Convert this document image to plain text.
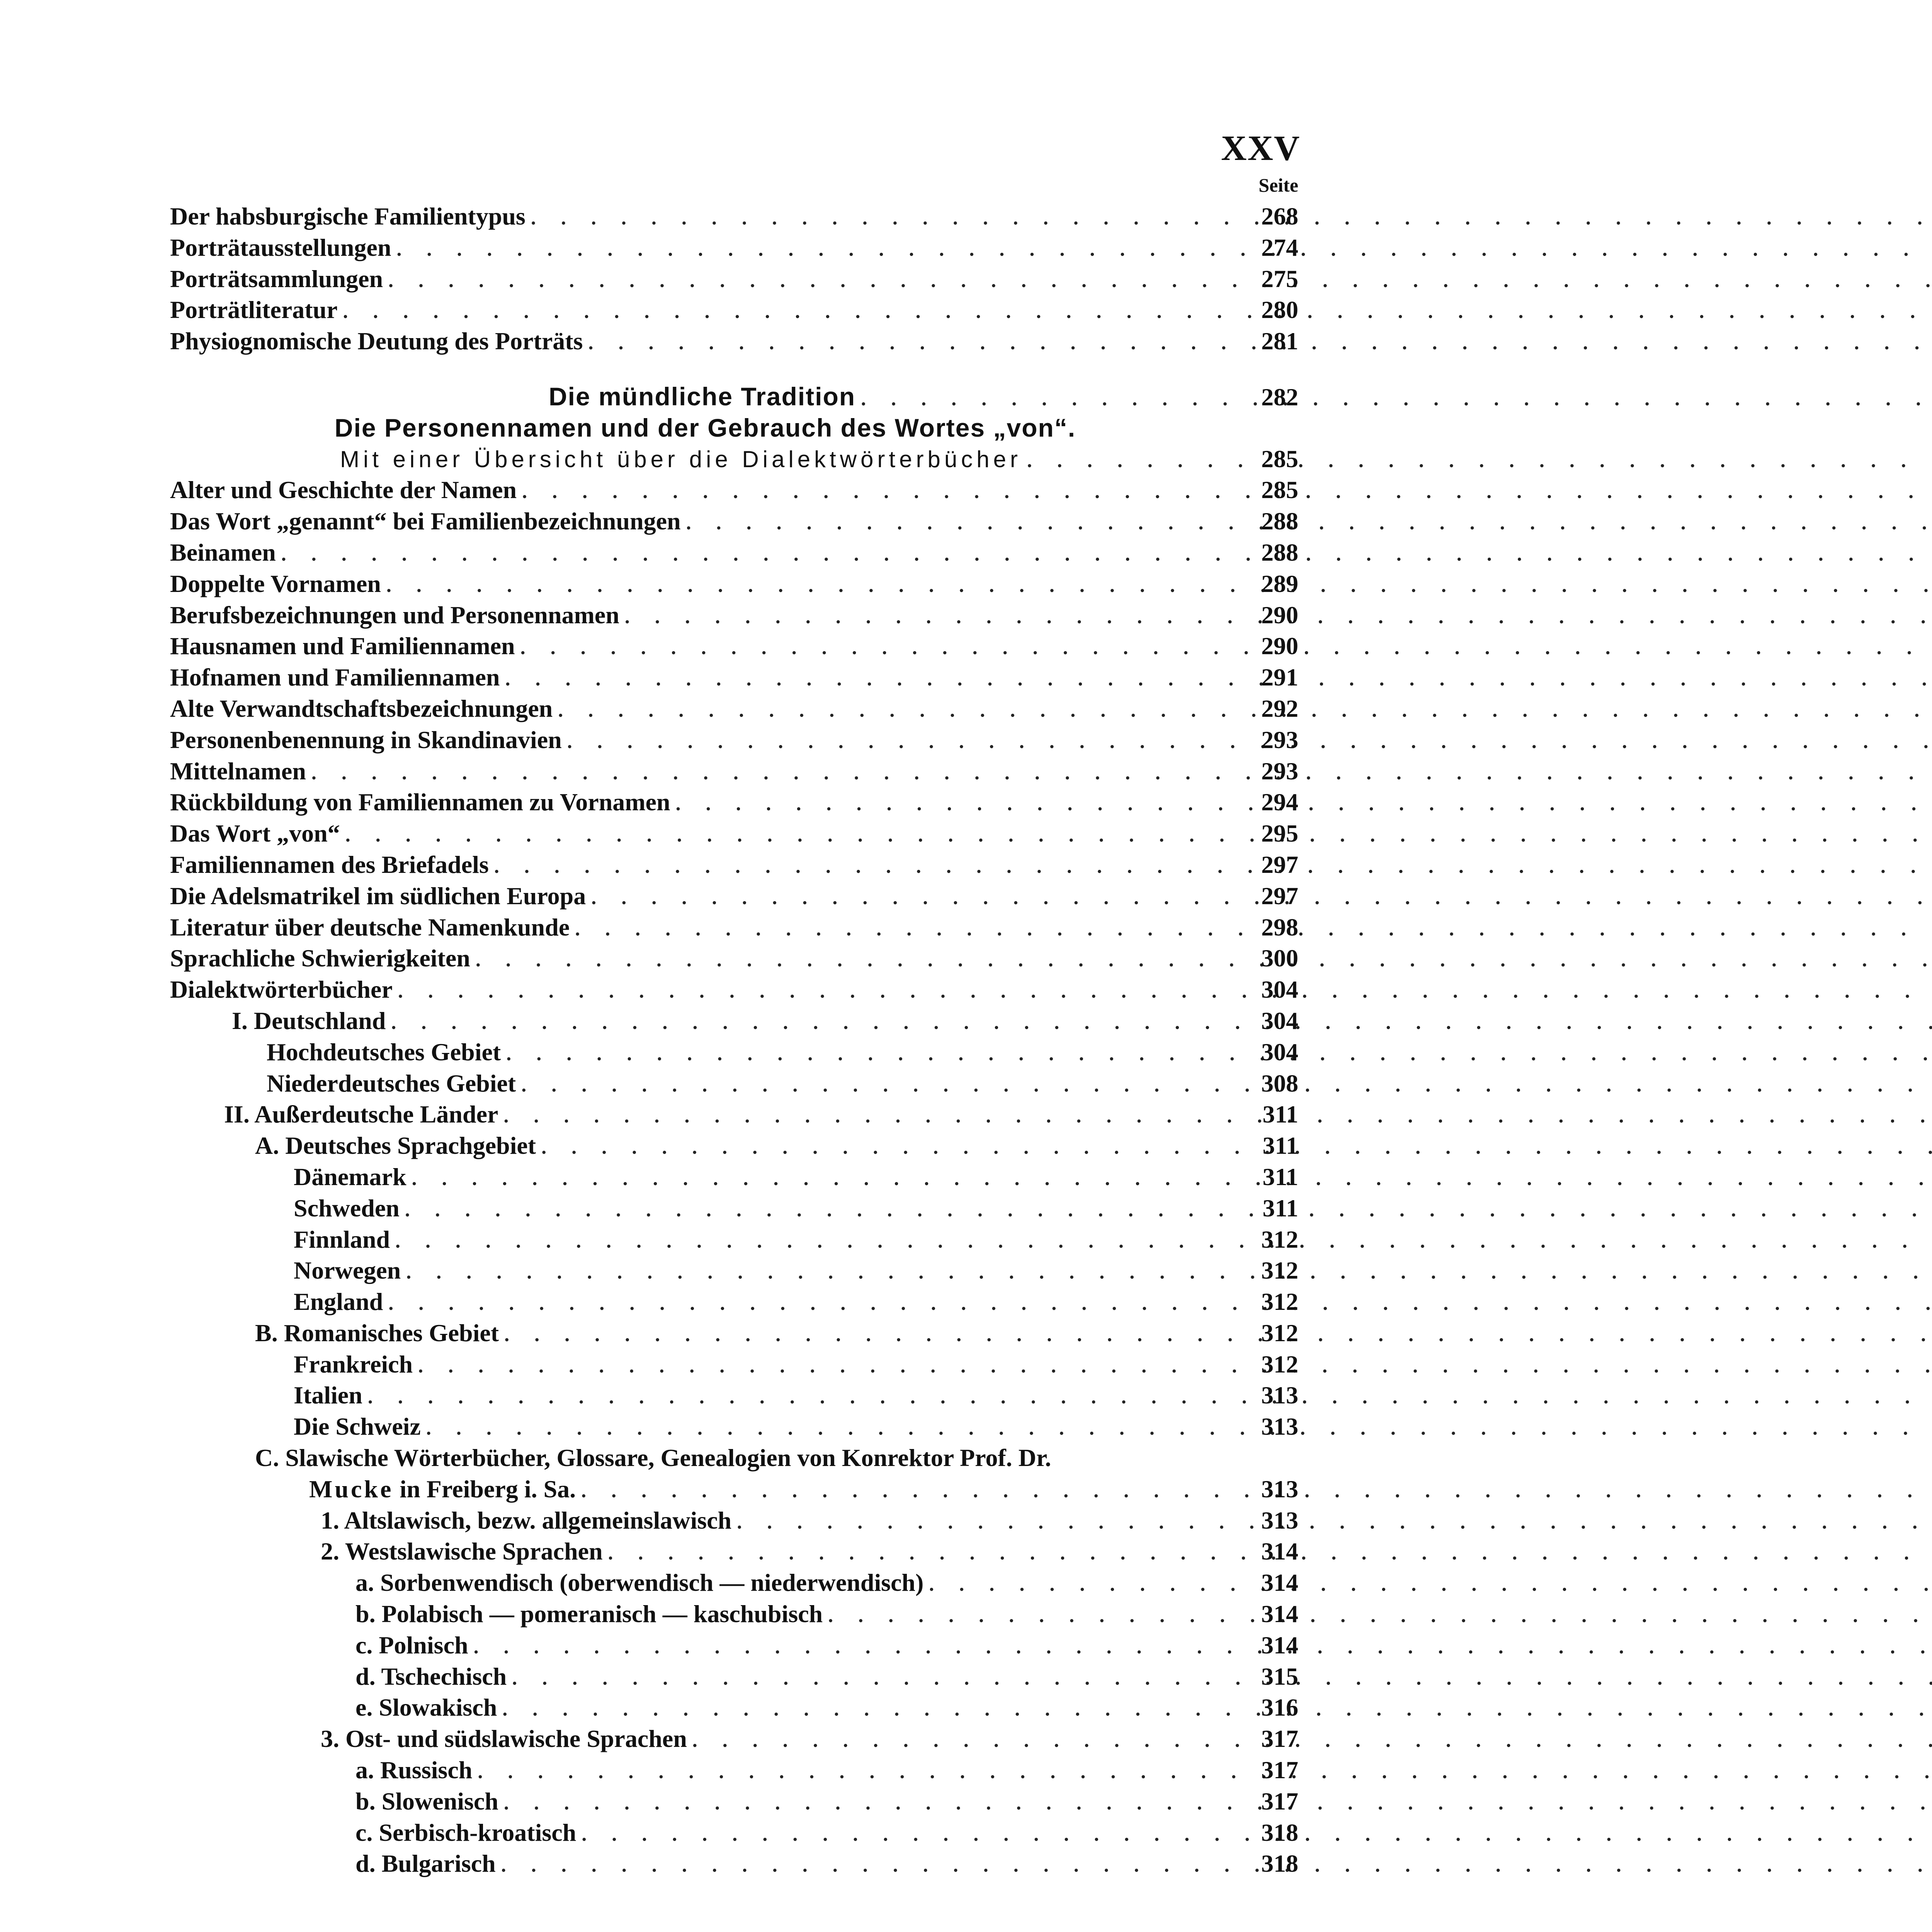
XXV
Seite
Der habsburgische Familientypus . . .	268
Porträtausstellungen . . .	274
Porträtsammlungen . . .	275
Porträtliteratur . . .	280
Physiognomische Deutung des Porträts . . .	281
Die mündliche Tradition . . .	282
Die Personennamen und der Gebrauch des Wortes „von“.
Mit einer Übersicht über die Dialektwörterbücher . . .	285
Alter und Geschichte der Namen . . .	285
Das Wort „genannt“ bei Familienbezeichnungen . . .	288
Beinamen . . .	288
Doppelte Vornamen . . .	289
Berufsbezeichnungen und Personennamen . . .	290
Hausnamen und Familiennamen . . .	290
Hofnamen und Familiennamen . . .	291
Alte Verwandtschaftsbezeichnungen . . .	292
Personenbenennung in Skandinavien . . .	293
Mittelnamen . . .	293
Rückbildung von Familiennamen zu Vornamen . . .	294
Das Wort „von“ . . .	295
Familiennamen des Briefadels . . .	297
Die Adelsmatrikel im südlichen Europa . . .	297
Literatur über deutsche Namenkunde . . .	298
Sprachliche Schwierigkeiten . . .	300
Dialektwörterbücher . . .	304
I. Deutschland . . .	304
Hochdeutsches Gebiet . . .	304
Niederdeutsches Gebiet . . .	308
II. Außerdeutsche Länder . . .	311
A. Deutsches Sprachgebiet . . .	311
Dänemark . . .	311
Schweden . . .	311
Finnland . . .	312
Norwegen . . .	312
England . . .	312
B. Romanisches Gebiet . . .	312
Frankreich . . .	312
Italien . . .	313
Die Schweiz . . .	313
C. Slawische Wörterbücher, Glossare, Genealogien von Konrektor Prof. Dr.
Mucke in Freiberg i. Sa. . . .	313
1. Altslawisch, bezw. allgemeinslawisch . . .	313
2. Westslawische Sprachen . . .	314
a. Sorbenwendisch (oberwendisch — niederwendisch) . . .	314
b. Polabisch — pomeranisch — kaschubisch . . .	314
c. Polnisch . . .	314
d. Tschechisch . . .	315
e. Slowakisch . . .	316
3. Ost- und südslawische Sprachen . . .	317
a. Russisch . . .	317
b. Slowenisch . . .	317
c. Serbisch-kroatisch . . .	318
d. Bulgarisch . . .	318
